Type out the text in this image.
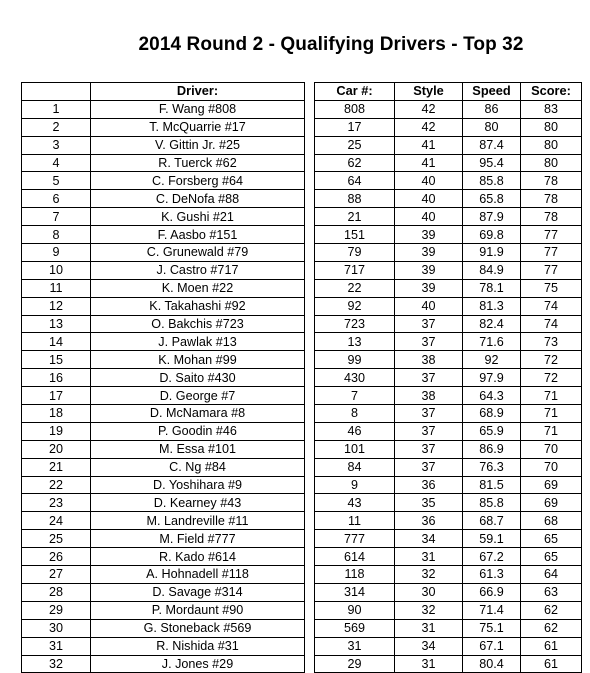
2014 Round 2 - Qualifying Drivers - Top 32
	Driver:		Car #:	Style	Speed	Score:
1	F. Wang #808		808	42	86	83
2	T. McQuarrie #17		17	42	80	80
3	V. Gittin Jr. #25		25	41	87.4	80
4	R. Tuerck #62		62	41	95.4	80
5	C. Forsberg #64		64	40	85.8	78
6	C. DeNofa #88		88	40	65.8	78
7	K. Gushi #21		21	40	87.9	78
8	F. Aasbo #151		151	39	69.8	77
9	C. Grunewald #79		79	39	91.9	77
10	J. Castro #717		717	39	84.9	77
11	K. Moen #22		22	39	78.1	75
12	K. Takahashi #92		92	40	81.3	74
13	O. Bakchis #723		723	37	82.4	74
14	J. Pawlak #13		13	37	71.6	73
15	K. Mohan #99		99	38	92	72
16	D. Saito #430		430	37	97.9	72
17	D. George #7		7	38	64.3	71
18	D. McNamara #8		8	37	68.9	71
19	P. Goodin #46		46	37	65.9	71
20	M. Essa #101		101	37	86.9	70
21	C. Ng #84		84	37	76.3	70
22	D. Yoshihara #9		9	36	81.5	69
23	D. Kearney #43		43	35	85.8	69
24	M. Landreville #11		11	36	68.7	68
25	M. Field #777		777	34	59.1	65
26	R. Kado #614		614	31	67.2	65
27	A. Hohnadell #118		118	32	61.3	64
28	D. Savage #314		314	30	66.9	63
29	P. Mordaunt #90		90	32	71.4	62
30	G. Stoneback #569		569	31	75.1	62
31	R. Nishida #31		31	34	67.1	61
32	J. Jones #29		29	31	80.4	61
